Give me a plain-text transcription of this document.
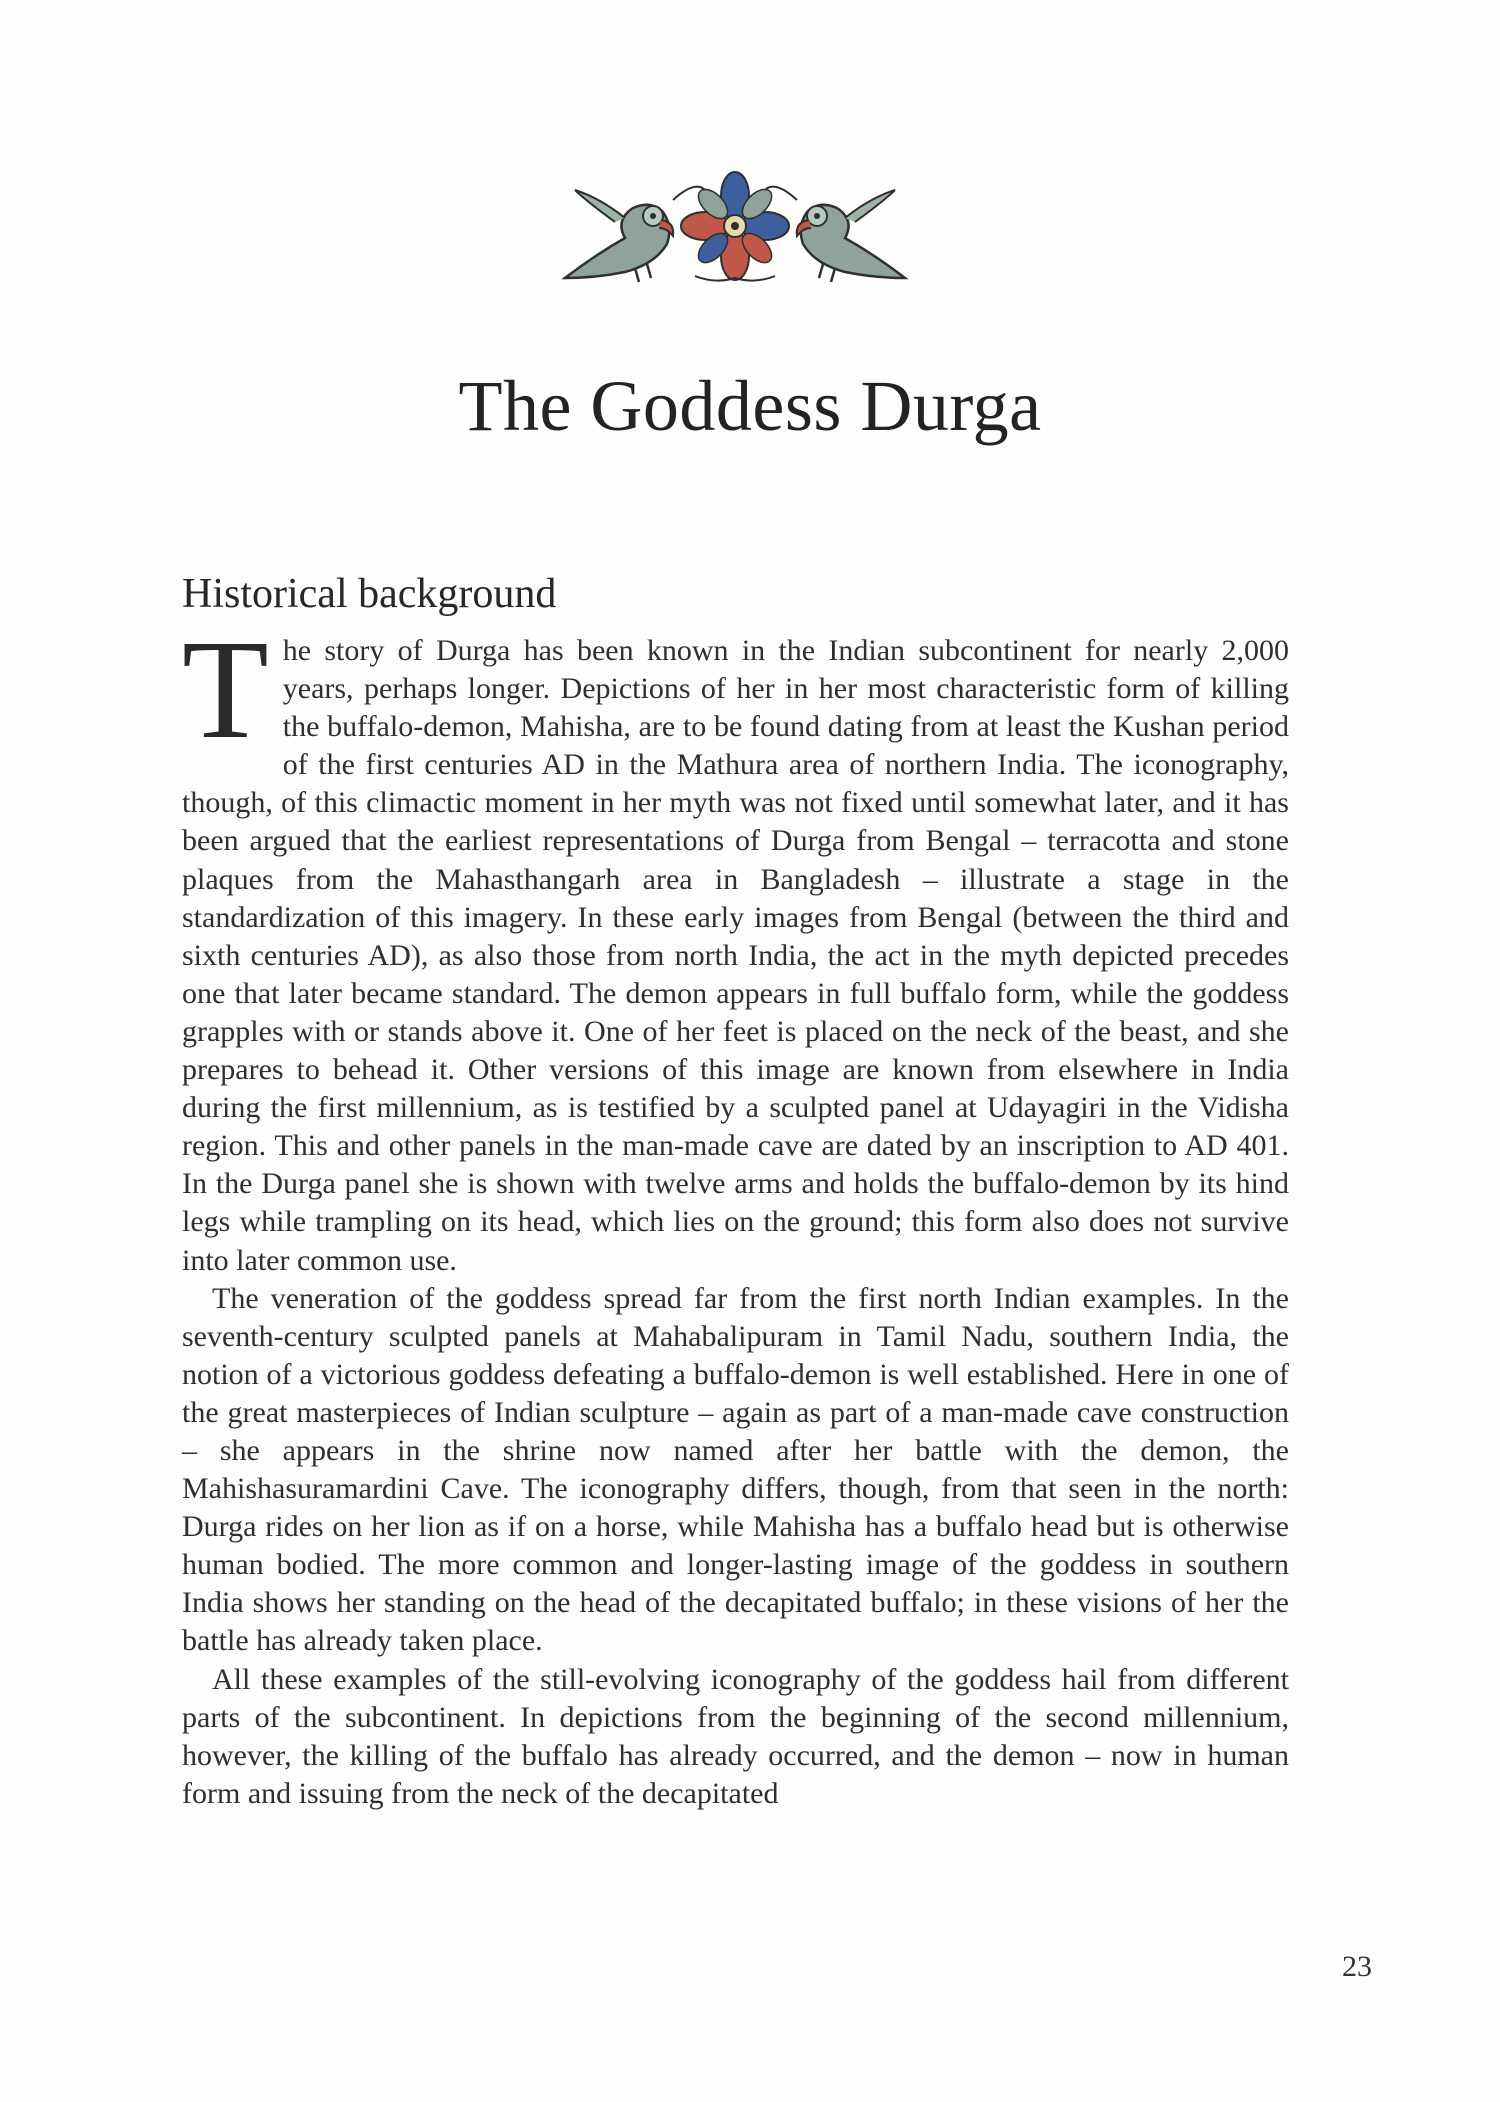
The Goddess Durga
Historical background

The story of Durga has been known in the Indian subcontinent for nearly 2,000 years, perhaps longer. Depictions of her in her most characteristic form of killing the buffalo-demon, Mahisha, are to be found dating from at least the Kushan period of the first centuries AD in the Mathura area of northern India. The iconography, though, of this climactic moment in her myth was not fixed until somewhat later, and it has been argued that the earliest representations of Durga from Bengal – terracotta and stone plaques from the Mahasthangarh area in Bangladesh – illustrate a stage in the standardization of this imagery. In these early images from Bengal (between the third and sixth centuries AD), as also those from north India, the act in the myth depicted precedes one that later became standard. The demon appears in full buffalo form, while the goddess grapples with or stands above it. One of her feet is placed on the neck of the beast, and she prepares to behead it. Other versions of this image are known from elsewhere in India during the first millennium, as is testified by a sculpted panel at Udayagiri in the Vidisha region. This and other panels in the man-made cave are dated by an inscription to AD 401. In the Durga panel she is shown with twelve arms and holds the buffalo-demon by its hind legs while trampling on its head, which lies on the ground; this form also does not survive into later common use.

The veneration of the goddess spread far from the first north Indian examples. In the seventh-century sculpted panels at Mahabalipuram in Tamil Nadu, southern India, the notion of a victorious goddess defeating a buffalo-demon is well established. Here in one of the great masterpieces of Indian sculpture – again as part of a man-made cave construction – she appears in the shrine now named after her battle with the demon, the Mahishasuramardini Cave. The iconography differs, though, from that seen in the north: Durga rides on her lion as if on a horse, while Mahisha has a buffalo head but is otherwise human bodied. The more common and longer-lasting image of the goddess in southern India shows her standing on the head of the decapitated buffalo; in these visions of her the battle has already taken place.

All these examples of the still-evolving iconography of the goddess hail from different parts of the subcontinent. In depictions from the beginning of the second millennium, however, the killing of the buffalo has already occurred, and the demon – now in human form and issuing from the neck of the decapitated

23
